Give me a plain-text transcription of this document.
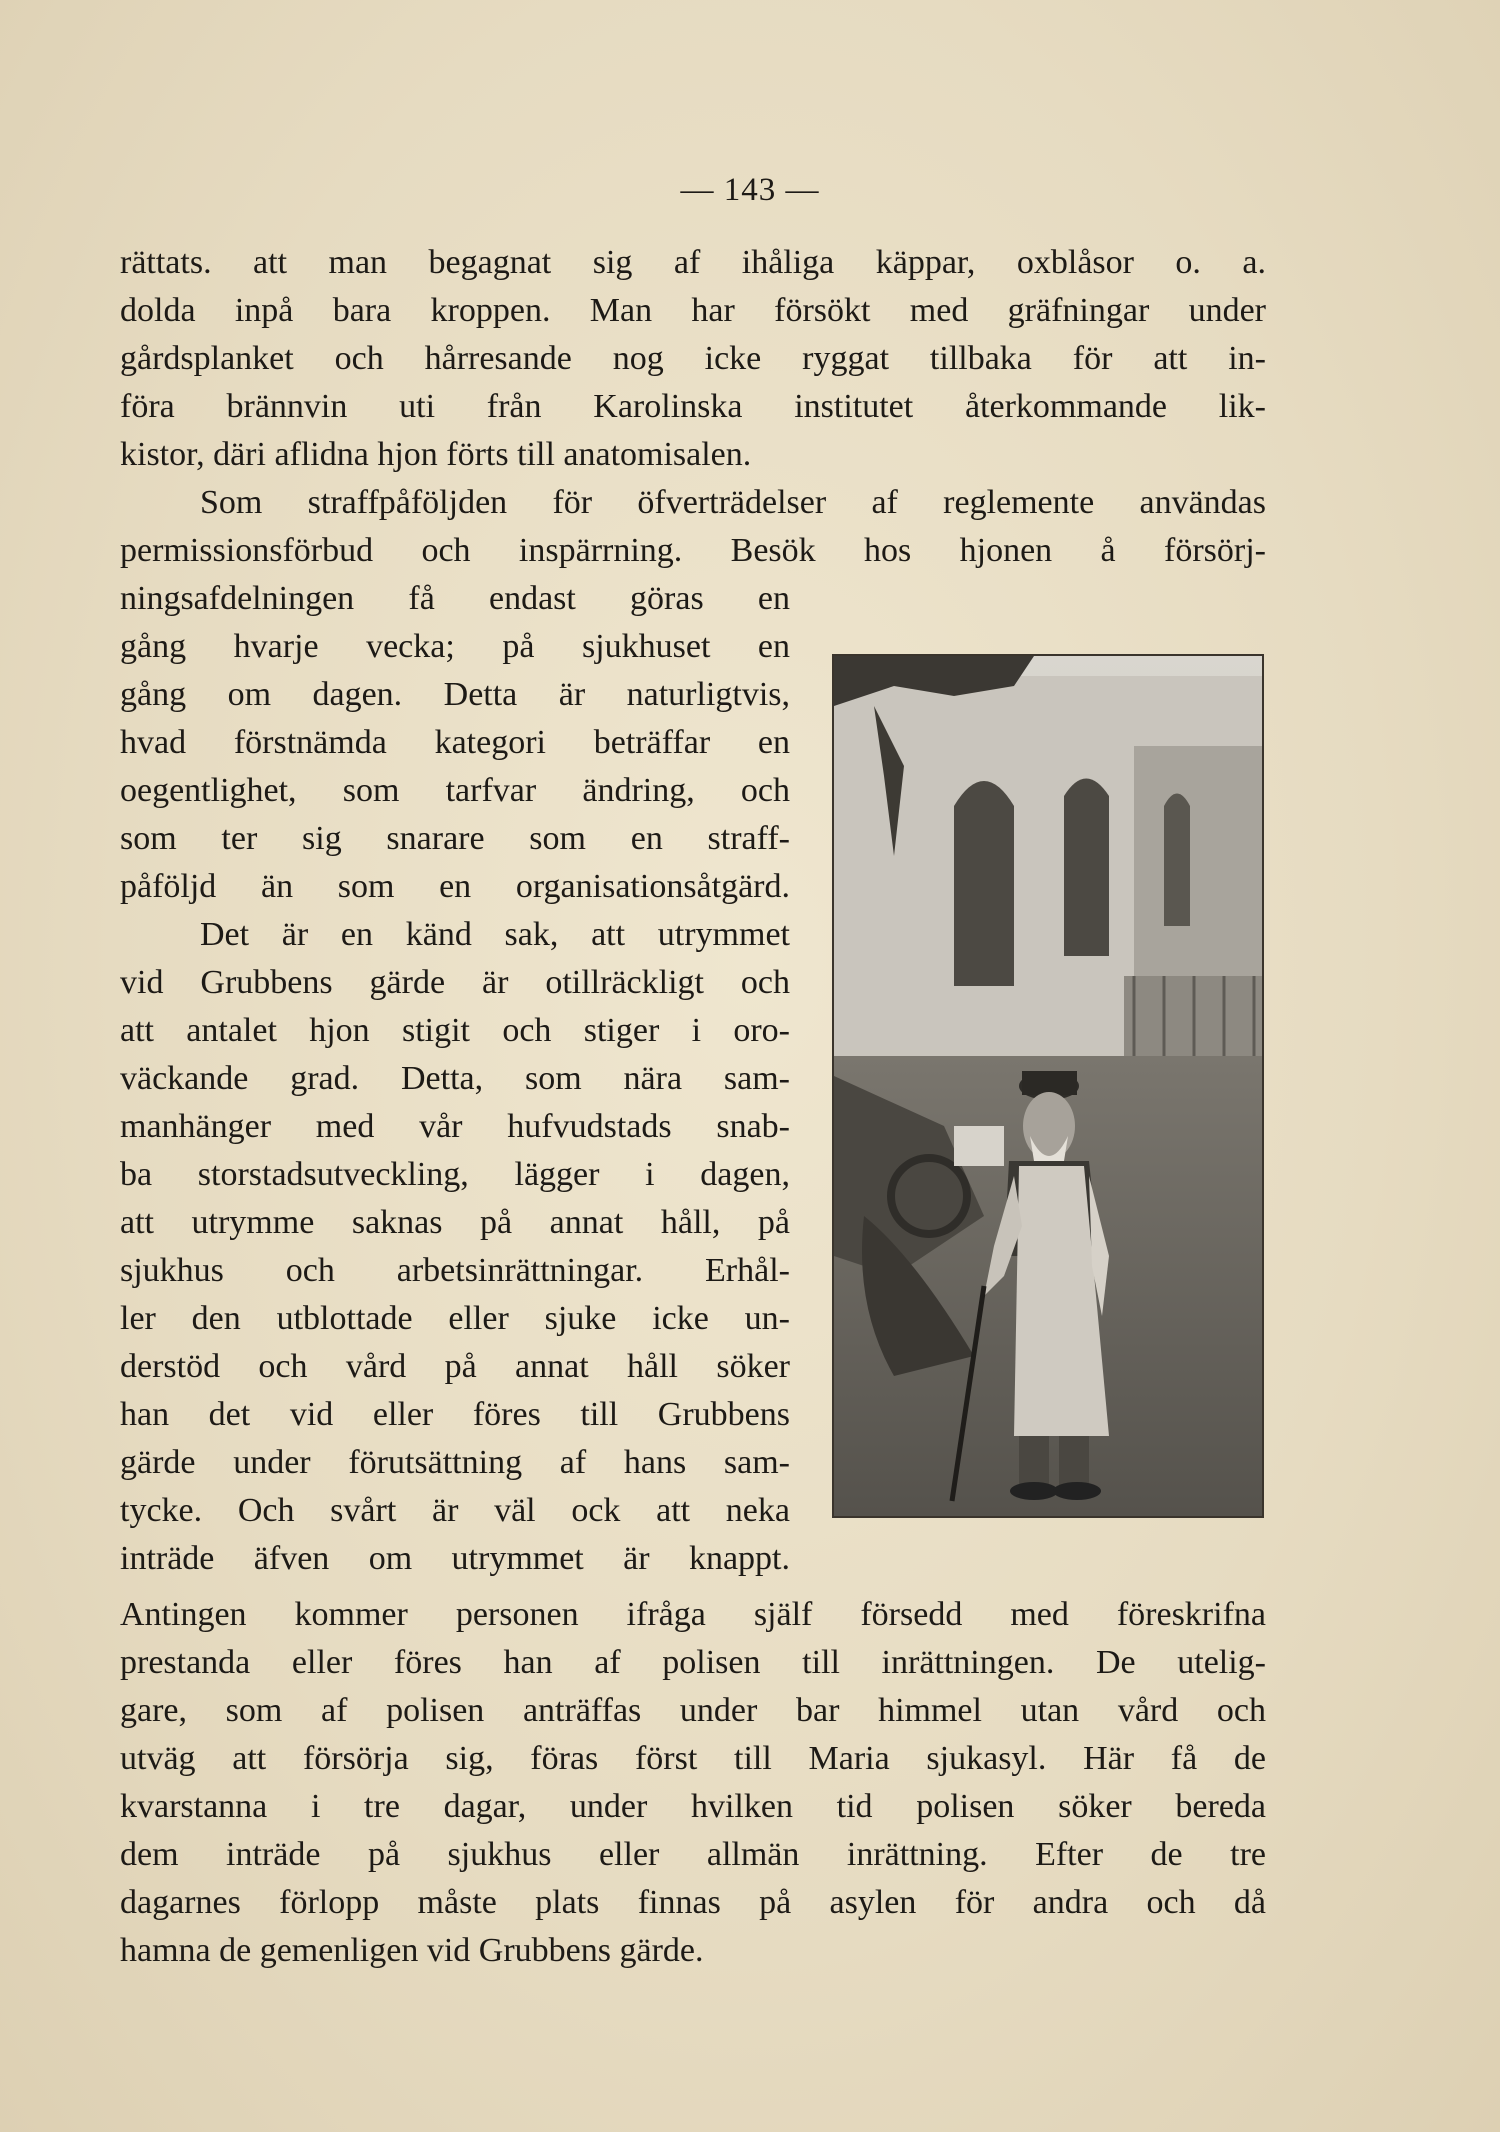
— 143 —
rättats. att man begagnat sig af ihåliga käppar, oxblåsor o. a.
dolda inpå bara kroppen. Man har försökt med gräfningar under
gårdsplanket och hårresande nog icke ryggat tillbaka för att in-
föra brännvin uti från Karolinska institutet återkommande lik-
kistor, däri aflidna hjon förts till anatomisalen.
Som straffpåföljden för öfverträdelser af reglemente användas
permissionsförbud och inspärrning. Besök hos hjonen å försörj-
ningsafdelningen få endast göras en
gång hvarje vecka; på sjukhuset en
gång om dagen. Detta är naturligtvis,
hvad förstnämda kategori beträffar en
oegentlighet, som tarfvar ändring, och
som ter sig snarare som en straff-
påföljd än som en organisationsåtgärd.
Det är en känd sak, att utrymmet
vid Grubbens gärde är otillräckligt och
att antalet hjon stigit och stiger i oro-
väckande grad. Detta, som nära sam-
manhänger med vår hufvudstads snab-
ba storstadsutveckling, lägger i dagen,
att utrymme saknas på annat håll, på
sjukhus och arbetsinrättningar. Erhål-
ler den utblottade eller sjuke icke un-
derstöd och vård på annat håll söker
han det vid eller föres till Grubbens
gärde under förutsättning af hans sam-
tycke. Och svårt är väl ock att neka
inträde äfven om utrymmet är knappt.
Antingen kommer personen ifråga själf försedd med föreskrifna
prestanda eller föres han af polisen till inrättningen. De utelig-
gare, som af polisen anträffas under bar himmel utan vård och
utväg att försörja sig, föras först till Maria sjukasyl. Här få de
kvarstanna i tre dagar, under hvilken tid polisen söker bereda
dem inträde på sjukhus eller allmän inrättning. Efter de tre
dagarnes förlopp måste plats finnas på asylen för andra och då
hamna de gemenligen vid Grubbens gärde.
